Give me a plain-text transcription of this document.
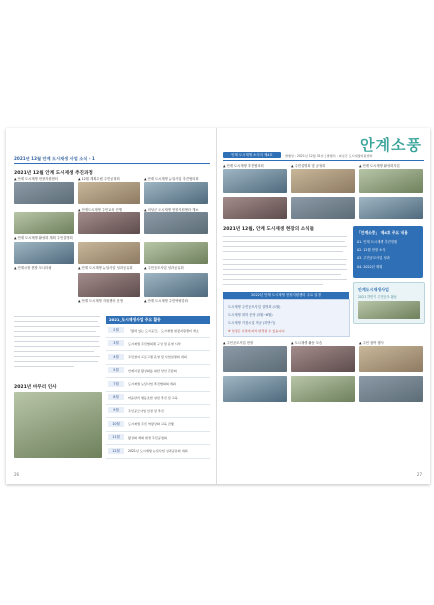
2021년 12월 안계 도시재생 사업 소식 - 1
2021년 12월 안계 도시재생 추진과정
▲ 안계 도시재생 현장지원센터	▲ 12월 계획수립 주민공청회	▲ 안계 도시재생 뉴딜사업 추진협의회
▲ 안계 도시재생 활성화 계획 주민설명회
▲ 안계도시재생 주민교육 진행	▲ 의성군 도시재생 현장지원센터 개소
▲ 안계시장 현장 모니터링	▲ 안계 도시재생 뉴딜사업 성과공유회	▲ 주민공모사업 성과공유회
▲ 안계 도시재생 지원센터 운영	▲ 안계 도시재생 주민역량강화
2021년 마무리 인사
2021_도시재생사업 주요 활동
2월	「활력 있는 도시공간」 도시재생 현장지원센터 개소
3월	도시재생 주민협의체 구성 및 운영 시작
4월	주민참여 프로그램 운영 및 사업설명회 개최
5월	안계시장 활성화를 위한 상인 간담회
7월	도시재생 뉴딜사업 추진협의회 개최
8월	마을관리 협동조합 설립 추진 및 교육
9월	주민공모사업 선정 및 추진
10월	도시재생 주민 역량강화 교육 진행
11월	활성화 계획 변경 주민공청회
12월	2021년 도시재생 뉴딜사업 성과공유회 개최
26
안계소풍
안계 도시재생 소식지 제4호	발행일 : 2021년 12월 31일 | 발행처 : 의성군 도시재생지원센터
▲ 안계 도시재생 추진협의회	▲ 주민설명회 및 공청회	▲ 안계 도시재생 활성화사업
2021년 12월, 안계 도시재생 현장의 소식들
「안계소풍」 제4호 주요 내용
01. 안계 도시재생 추진현황
02. 12월 현장 소식
03. 주민공모사업 성과
04. 2022년 계획
안계도시재생사업
2021 하반기 주민공모 활동
2022년 안계 도시재생 현장지원센터 주요 일정
도시재생 주민공모사업 설명회 (1월)
도시재생 대학 운영 (3월~6월)
도시재생 거점시설 착공 (하반기)
※ 일정은 사정에 따라 변경될 수 있습니다.
▲ 주민공모사업 현장	▲ 도시재생 활동 모습	▲ 주민 참여 행사
27
